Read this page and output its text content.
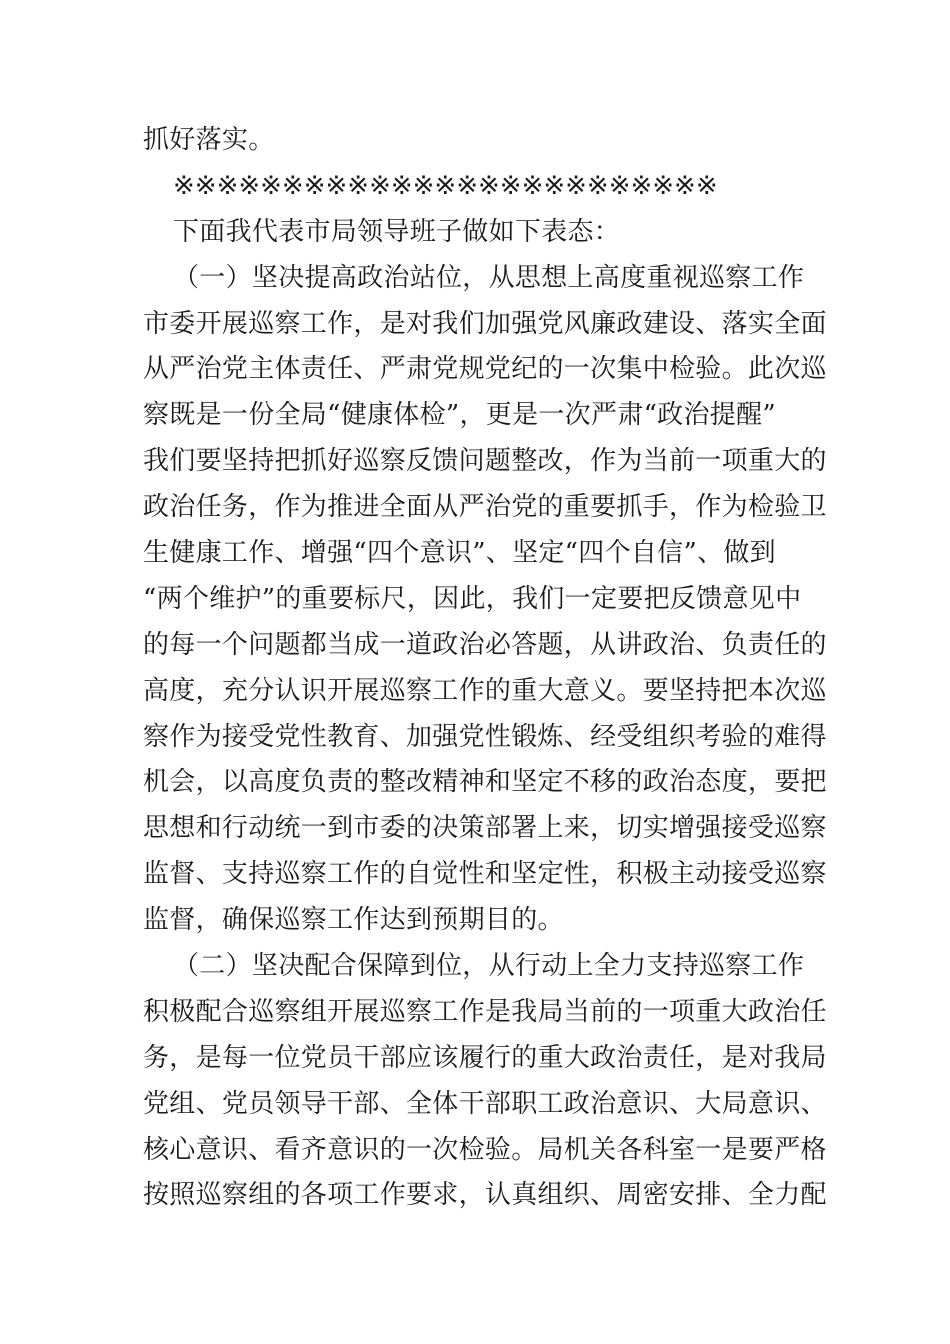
抓好落实。
※※※※※※※※※※※※※※※※※※※※※※※※※
下面我代表市局领导班子做如下表态：
（一）坚决提高政治站位，从思想上高度重视巡察工作
市委开展巡察工作，是对我们加强党风廉政建设、落实全面
从严治党主体责任、严肃党规党纪的一次集中检验。此次巡
察既是一份全局“健康体检”，更是一次严肃“政治提醒”
我们要坚持把抓好巡察反馈问题整改，作为当前一项重大的
政治任务，作为推进全面从严治党的重要抓手，作为检验卫
生健康工作、增强“四个意识”、坚定“四个自信”、做到
“两个维护”的重要标尺，因此，我们一定要把反馈意见中
的每一个问题都当成一道政治必答题，从讲政治、负责任的
高度，充分认识开展巡察工作的重大意义。要坚持把本次巡
察作为接受党性教育、加强党性锻炼、经受组织考验的难得
机会，以高度负责的整改精神和坚定不移的政治态度，要把
思想和行动统一到市委的决策部署上来，切实增强接受巡察
监督、支持巡察工作的自觉性和坚定性，积极主动接受巡察
监督，确保巡察工作达到预期目的。
（二）坚决配合保障到位，从行动上全力支持巡察工作
积极配合巡察组开展巡察工作是我局当前的一项重大政治任
务，是每一位党员干部应该履行的重大政治责任，是对我局
党组、党员领导干部、全体干部职工政治意识、大局意识、
核心意识、看齐意识的一次检验。局机关各科室一是要严格
按照巡察组的各项工作要求，认真组织、周密安排、全力配
